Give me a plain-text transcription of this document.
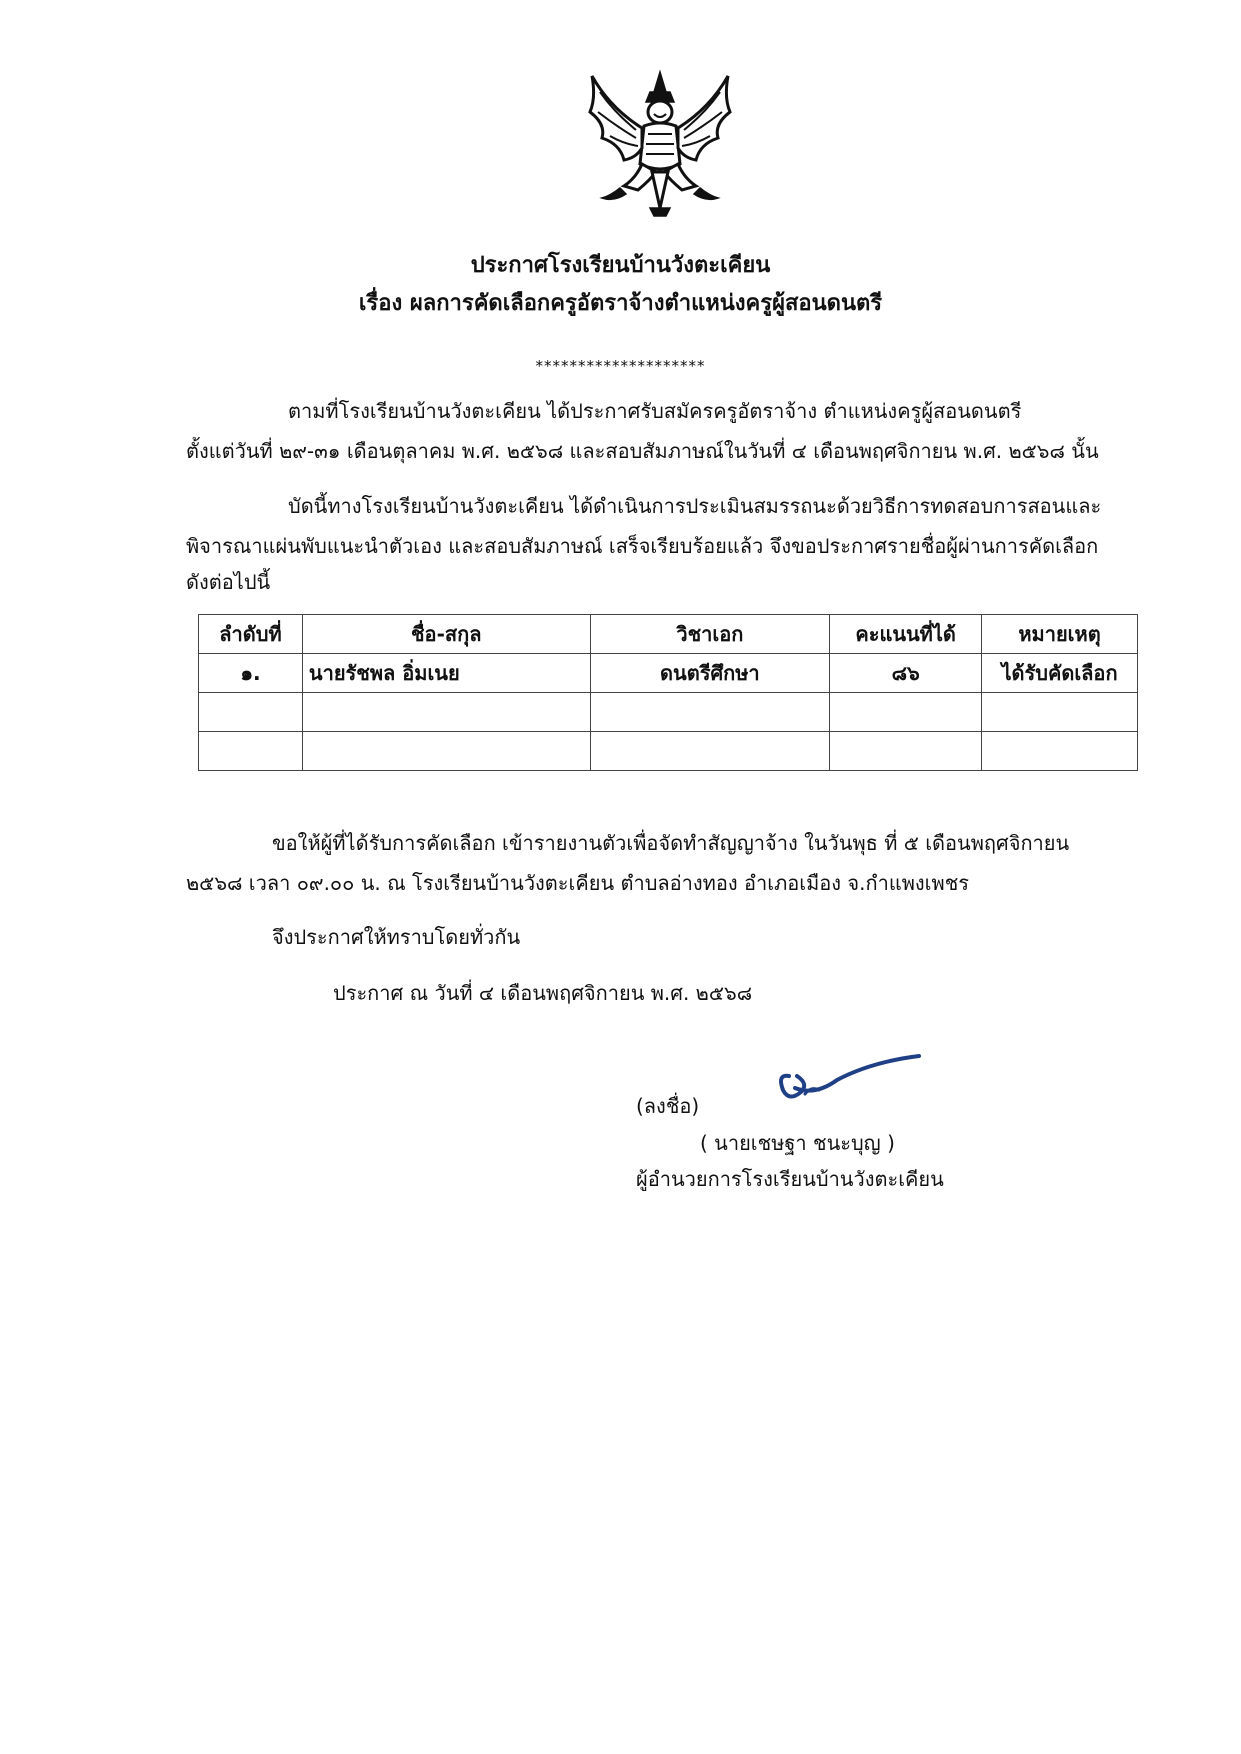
ประกาศโรงเรียนบ้านวังตะเคียน
เรื่อง ผลการคัดเลือกครูอัตราจ้างตำแหน่งครูผู้สอนดนตรี
********************
ตามที่โรงเรียนบ้านวังตะเคียน ได้ประกาศรับสมัครครูอัตราจ้าง ตำแหน่งครูผู้สอนดนตรี
ตั้งแต่วันที่ ๒๙-๓๑ เดือนตุลาคม พ.ศ. ๒๕๖๘ และสอบสัมภาษณ์ในวันที่ ๔ เดือนพฤศจิกายน พ.ศ. ๒๕๖๘ นั้น
บัดนี้ทางโรงเรียนบ้านวังตะเคียน ได้ดำเนินการประเมินสมรรถนะด้วยวิธีการทดสอบการสอนและ
พิจารณาแผ่นพับแนะนำตัวเอง และสอบสัมภาษณ์ เสร็จเรียบร้อยแล้ว จึงขอประกาศรายชื่อผู้ผ่านการคัดเลือก
ดังต่อไปนี้
ลำดับที่	ชื่อ-สกุล	วิชาเอก	คะแนนที่ได้	หมายเหตุ
๑.	นายรัชพล อิ่มเนย	ดนตรีศึกษา	๘๖	ได้รับคัดเลือก

ขอให้ผู้ที่ได้รับการคัดเลือก เข้ารายงานตัวเพื่อจัดทำสัญญาจ้าง ในวันพุธ ที่ ๕ เดือนพฤศจิกายน
๒๕๖๘ เวลา ๐๙.๐๐ น. ณ โรงเรียนบ้านวังตะเคียน ตำบลอ่างทอง อำเภอเมือง จ.กำแพงเพชร
จึงประกาศให้ทราบโดยทั่วกัน
ประกาศ ณ วันที่ ๔ เดือนพฤศจิกายน พ.ศ. ๒๕๖๘
(ลงชื่อ)
( นายเชษฐา ชนะบุญ )
ผู้อำนวยการโรงเรียนบ้านวังตะเคียน
